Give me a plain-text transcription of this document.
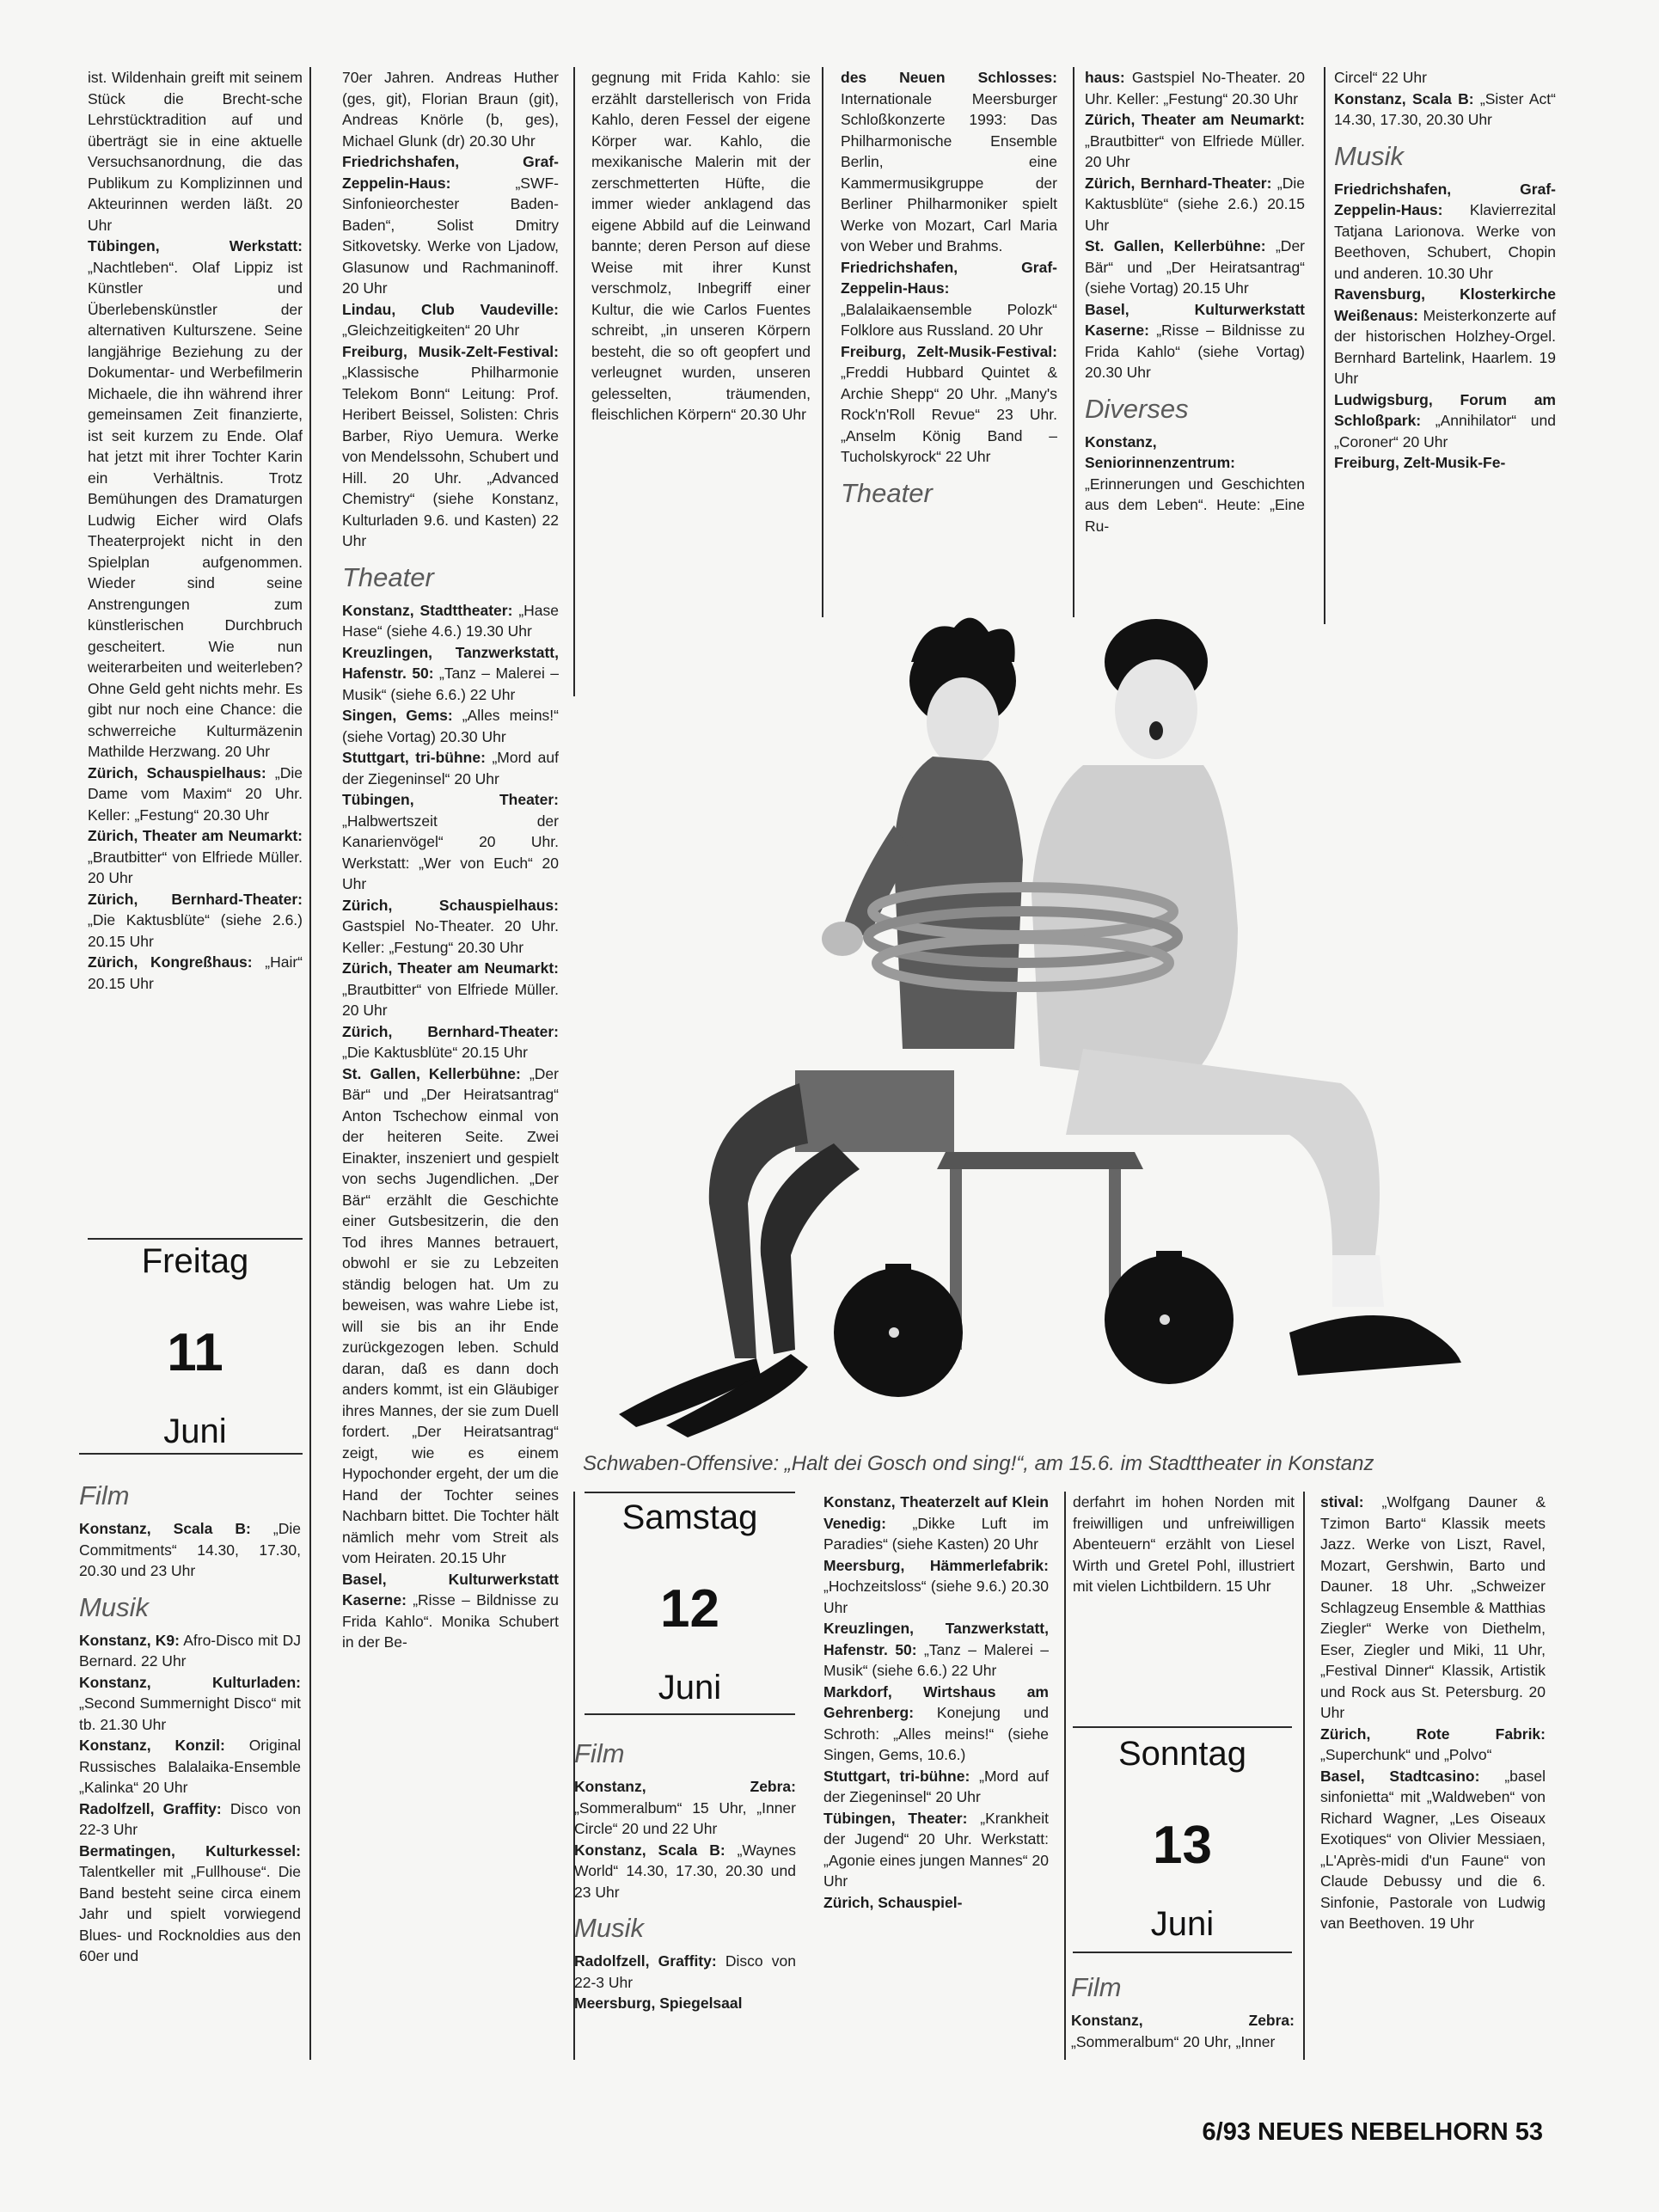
ist. Wildenhain greift mit seinem Stück die Brecht-sche Lehrstücktradition auf und überträgt sie in eine aktuelle Versuchsanordnung, die das Publikum zu Komplizinnen und Akteurinnen werden läßt. 20 Uhr

Tübingen, Werkstatt: „Nachtleben“. Olaf Lippiz ist Künstler und Überlebenskünstler der alternativen Kulturszene. Seine langjährige Beziehung zu der Dokumentar- und Werbefilmerin Michaele, die ihn während ihrer gemeinsamen Zeit finanzierte, ist seit kurzem zu Ende. Olaf hat jetzt mit ihrer Tochter Karin ein Verhältnis. Trotz Bemühungen des Dramaturgen Ludwig Eicher wird Olafs Theaterprojekt nicht in den Spielplan aufgenommen. Wieder sind seine Anstrengungen zum künstlerischen Durchbruch gescheitert. Wie nun weiterarbeiten und weiterleben? Ohne Geld geht nichts mehr. Es gibt nur noch eine Chance: die schwerreiche Kulturmäzenin Mathilde Herzwang. 20 Uhr

Zürich, Schauspielhaus: „Die Dame vom Maxim“ 20 Uhr. Keller: „Festung“ 20.30 Uhr

Zürich, Theater am Neumarkt: „Brautbitter“ von Elfriede Müller. 20 Uhr

Zürich, Bernhard-Theater: „Die Kaktusblüte“ (siehe 2.6.) 20.15 Uhr

Zürich, Kongreßhaus: „Hair“ 20.15 Uhr

Freitag
11
Juni
Film

Konstanz, Scala B: „Die Commitments“ 14.30, 17.30, 20.30 und 23 Uhr

Musik

Konstanz, K9: Afro-Disco mit DJ Bernard. 22 Uhr

Konstanz, Kulturladen: „Second Summernight Disco“ mit tb. 21.30 Uhr

Konstanz, Konzil: Original Russisches Balalaika-Ensemble „Kalinka“ 20 Uhr

Radolfzell, Graffity: Disco von 22-3 Uhr

Bermatingen, Kulturkessel: Talentkeller mit „Fullhouse“. Die Band besteht seine circa einem Jahr und spielt vorwiegend Blues- und Rocknoldies aus den 60er und

70er Jahren. Andreas Huther (ges, git), Florian Braun (git), Andreas Knörle (b, ges), Michael Glunk (dr) 20.30 Uhr

Friedrichshafen, Graf-Zeppelin-Haus: „SWF-Sinfonieorchester Baden-Baden“, Solist Dmitry Sitkovetsky. Werke von Ljadow, Glasunow und Rachmaninoff. 20 Uhr

Lindau, Club Vaudeville: „Gleichzeitigkeiten“ 20 Uhr

Freiburg, Musik-Zelt-Festival: „Klassische Philharmonie Telekom Bonn“ Leitung: Prof. Heribert Beissel, Solisten: Chris Barber, Riyo Uemura. Werke von Mendelssohn, Schubert und Hill. 20 Uhr. „Advanced Chemistry“ (siehe Konstanz, Kulturladen 9.6. und Kasten) 22 Uhr

Theater

Konstanz, Stadttheater: „Hase Hase“ (siehe 4.6.) 19.30 Uhr

Kreuzlingen, Tanzwerkstatt, Hafenstr. 50: „Tanz – Malerei – Musik“ (siehe 6.6.) 22 Uhr

Singen, Gems: „Alles meins!“ (siehe Vortag) 20.30 Uhr

Stuttgart, tri-bühne: „Mord auf der Ziegeninsel“ 20 Uhr

Tübingen, Theater: „Halbwertszeit der Kanarienvögel“ 20 Uhr. Werkstatt: „Wer von Euch“ 20 Uhr

Zürich, Schauspielhaus: Gastspiel No-Theater. 20 Uhr. Keller: „Festung“ 20.30 Uhr

Zürich, Theater am Neumarkt: „Brautbitter“ von Elfriede Müller. 20 Uhr

Zürich, Bernhard-Theater: „Die Kaktusblüte“ 20.15 Uhr

St. Gallen, Kellerbühne: „Der Bär“ und „Der Heiratsantrag“ Anton Tschechow einmal von der heiteren Seite. Zwei Einakter, inszeniert und gespielt von sechs Jugendlichen. „Der Bär“ erzählt die Geschichte einer Gutsbesitzerin, die den Tod ihres Mannes betrauert, obwohl er sie zu Lebzeiten ständig belogen hat. Um zu beweisen, was wahre Liebe ist, will sie bis an ihr Ende zurückgezogen leben. Schuld daran, daß es dann doch anders kommt, ist ein Gläubiger ihres Mannes, der sie zum Duell fordert. „Der Heiratsantrag“ zeigt, wie es einem Hypochonder ergeht, der um die Hand der Tochter seines Nachbarn bittet. Die Tochter hält nämlich mehr vom Streit als vom Heiraten. 20.15 Uhr

Basel, Kulturwerkstatt Kaserne: „Risse – Bildnisse zu Frida Kahlo“. Monika Schubert in der Be-

gegnung mit Frida Kahlo: sie erzählt darstellerisch von Frida Kahlo, deren Fessel der eigene Körper war. Kahlo, die mexikanische Malerin mit der zerschmetterten Hüfte, die immer wieder anklagend das eigene Abbild auf die Leinwand bannte; deren Person auf diese Weise mit ihrer Kunst verschmolz, Inbegriff einer Kultur, die wie Carlos Fuentes schreibt, „in unseren Körpern besteht, die so oft geopfert und verleugnet wurden, unseren gelesselten, träumenden, fleischlichen Körpern“ 20.30 Uhr

des Neuen Schlosses: Internationale Meersburger Schloßkonzerte 1993: Das Philharmonische Ensemble Berlin, eine Kammermusikgruppe der Berliner Philharmoniker spielt Werke von Mozart, Carl Maria von Weber und Brahms.

Friedrichshafen, Graf-Zeppelin-Haus: „Balalaikaensemble Polozk“ Folklore aus Russland. 20 Uhr

Freiburg, Zelt-Musik-Festival: „Freddi Hubbard Quintet & Archie Shepp“ 20 Uhr. „Many's Rock'n'Roll Revue“ 23 Uhr. „Anselm König Band – Tucholskyrock“ 22 Uhr

Theater

haus: Gastspiel No-Theater. 20 Uhr. Keller: „Festung“ 20.30 Uhr

Zürich, Theater am Neumarkt: „Brautbitter“ von Elfriede Müller. 20 Uhr

Zürich, Bernhard-Theater: „Die Kaktusblüte“ (siehe 2.6.) 20.15 Uhr

St. Gallen, Kellerbühne: „Der Bär“ und „Der Heiratsantrag“ (siehe Vortag) 20.15 Uhr

Basel, Kulturwerkstatt Kaserne: „Risse – Bildnisse zu Frida Kahlo“ (siehe Vortag) 20.30 Uhr

Diverses

Konstanz, Seniorinnenzentrum: „Erinnerungen und Geschichten aus dem Leben“. Heute: „Eine Ru-

Circel“ 22 Uhr

Konstanz, Scala B: „Sister Act“ 14.30, 17.30, 20.30 Uhr

Musik

Friedrichshafen, Graf-Zeppelin-Haus: Klavierrezital Tatjana Larionova. Werke von Beethoven, Schubert, Chopin und anderen. 10.30 Uhr

Ravensburg, Klosterkirche Weißenaus: Meisterkonzerte auf der historischen Holzhey-Orgel. Bernhard Bartelink, Haarlem. 19 Uhr

Ludwigsburg, Forum am Schloßpark: „Annihilator“ und „Coroner“ 20 Uhr

Freiburg, Zelt-Musik-Fe-

Schwaben-Offensive: „Halt dei Gosch ond sing!“, am 15.6. im Stadttheater in Konstanz
Samstag
12
Juni
Film

Konstanz, Zebra: „Sommeralbum“ 15 Uhr, „Inner Circle“ 20 und 22 Uhr

Konstanz, Scala B: „Waynes World“ 14.30, 17.30, 20.30 und 23 Uhr

Musik

Radolfzell, Graffity: Disco von 22-3 Uhr

Meersburg, Spiegelsaal

Konstanz, Theaterzelt auf Klein Venedig: „Dikke Luft im Paradies“ (siehe Kasten) 20 Uhr

Meersburg, Hämmerlefabrik: „Hochzeitsloss“ (siehe 9.6.) 20.30 Uhr

Kreuzlingen, Tanzwerkstatt, Hafenstr. 50: „Tanz – Malerei – Musik“ (siehe 6.6.) 22 Uhr

Markdorf, Wirtshaus am Gehrenberg: Konejung und Schroth: „Alles meins!“ (siehe Singen, Gems, 10.6.)

Stuttgart, tri-bühne: „Mord auf der Ziegeninsel“ 20 Uhr

Tübingen, Theater: „Krankheit der Jugend“ 20 Uhr. Werkstatt: „Agonie eines jungen Mannes“ 20 Uhr

Zürich, Schauspiel-

derfahrt im hohen Norden mit freiwilligen und unfreiwilligen Abenteuern“ erzählt von Liesel Wirth und Gretel Pohl, illustriert mit vielen Lichtbildern. 15 Uhr

Sonntag
13
Juni
Film

Konstanz, Zebra: „Sommeralbum“ 20 Uhr, „Inner

stival: „Wolfgang Dauner & Tzimon Barto“ Klassik meets Jazz. Werke von Liszt, Ravel, Mozart, Gershwin, Barto und Dauner. 18 Uhr. „Schweizer Schlagzeug Ensemble & Matthias Ziegler“ Werke von Diethelm, Eser, Ziegler und Miki, 11 Uhr, „Festival Dinner“ Klassik, Artistik und Rock aus St. Petersburg. 20 Uhr

Zürich, Rote Fabrik: „Superchunk“ und „Polvo“

Basel, Stadtcasino: „basel sinfonietta“ mit „Waldweben“ von Richard Wagner, „Les Oiseaux Exotiques“ von Olivier Messiaen, „L'Après-midi d'un Faune“ von Claude Debussy und die 6. Sinfonie, Pastorale von Ludwig van Beethoven. 19 Uhr

6/93 NEUES NEBELHORN 53
